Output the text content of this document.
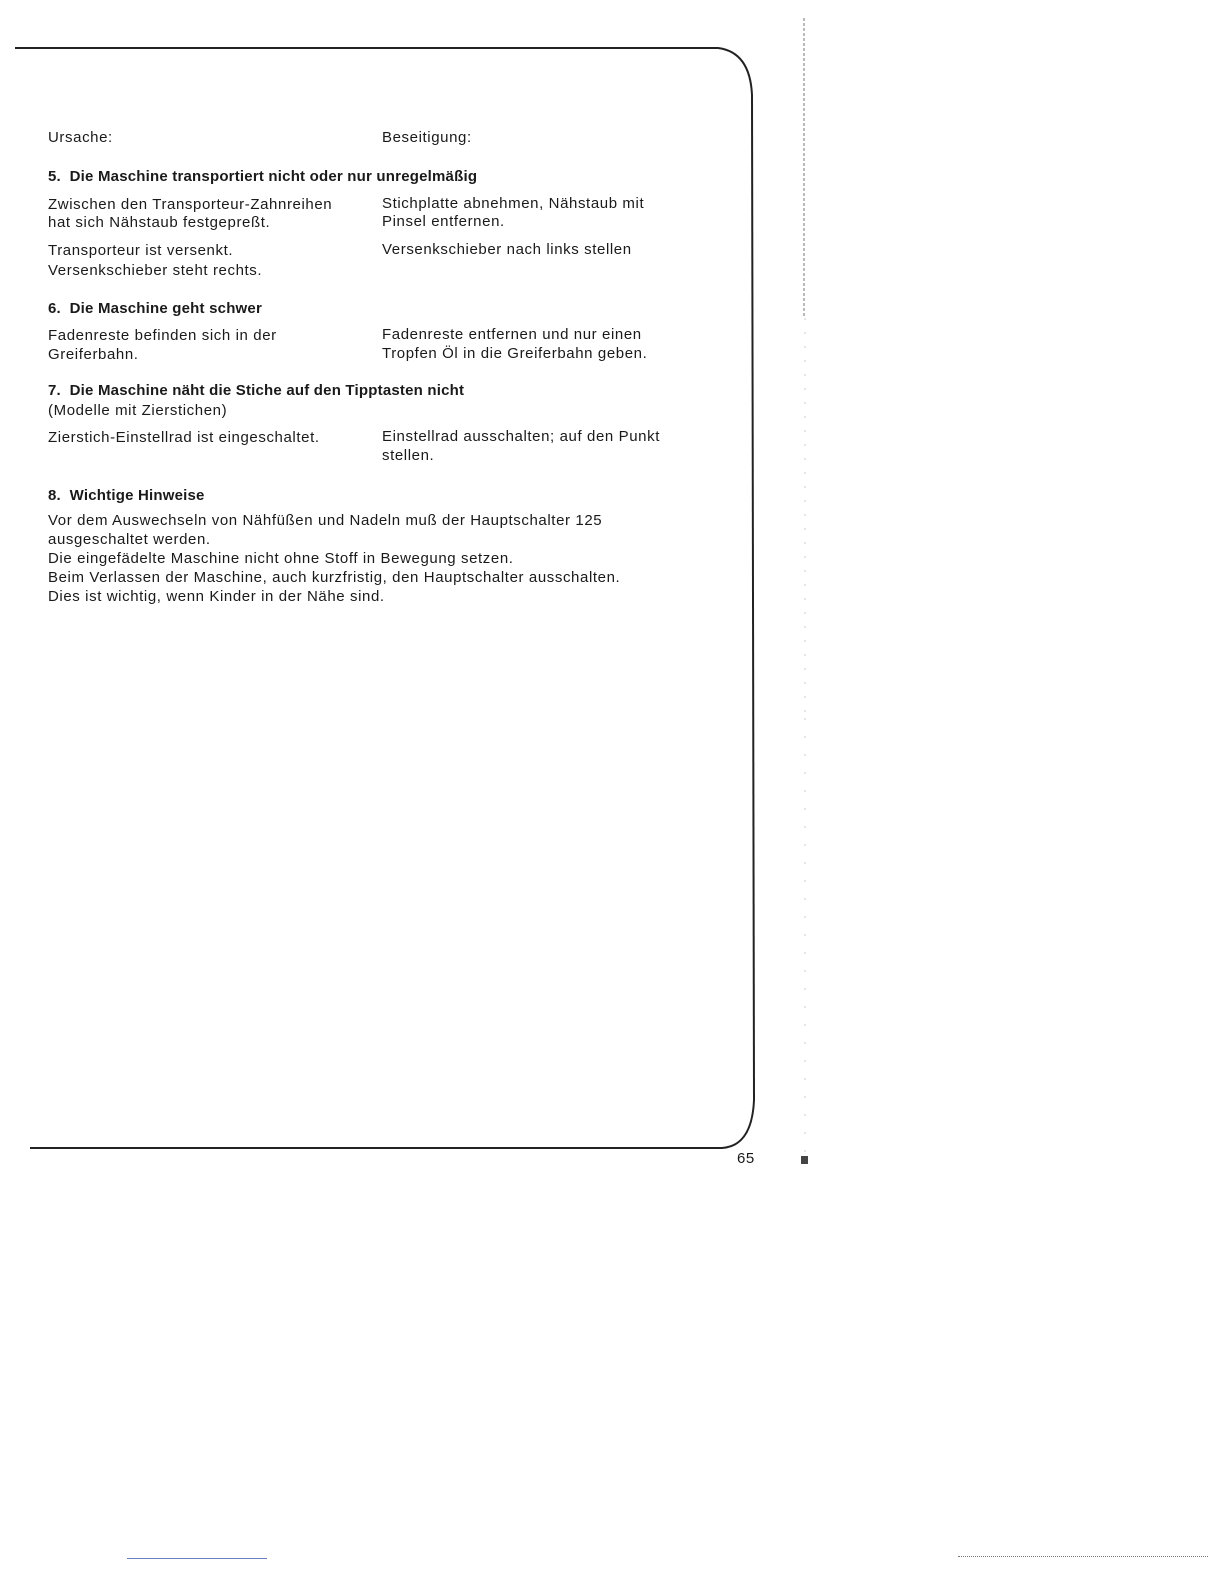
Ursache:	Beseitigung:
5.  Die Maschine transportiert nicht oder nur unregelmäßig
Zwischen den Transporteur-Zahnreihen
hat sich Nähstaub festgepreßt.
Stichplatte abnehmen, Nähstaub mit
Pinsel entfernen.
Transporteur ist versenkt.
Versenkschieber steht rechts.
Versenkschieber nach links stellen
6.  Die Maschine geht schwer
Fadenreste befinden sich in der
Greiferbahn.
Fadenreste entfernen und nur einen
Tropfen Öl in die Greiferbahn geben.
7.  Die Maschine näht die Stiche auf den Tipptasten nicht
(Modelle mit Zierstichen)
Zierstich-Einstellrad ist eingeschaltet.	Einstellrad ausschalten; auf den Punkt
stellen.
8.  Wichtige Hinweise
Vor dem Auswechseln von Nähfüßen und Nadeln muß der Hauptschalter 125
ausgeschaltet werden.
Die eingefädelte Maschine nicht ohne Stoff in Bewegung setzen.
Beim Verlassen der Maschine, auch kurzfristig, den Hauptschalter ausschalten.
Dies ist wichtig, wenn Kinder in der Nähe sind.
65
